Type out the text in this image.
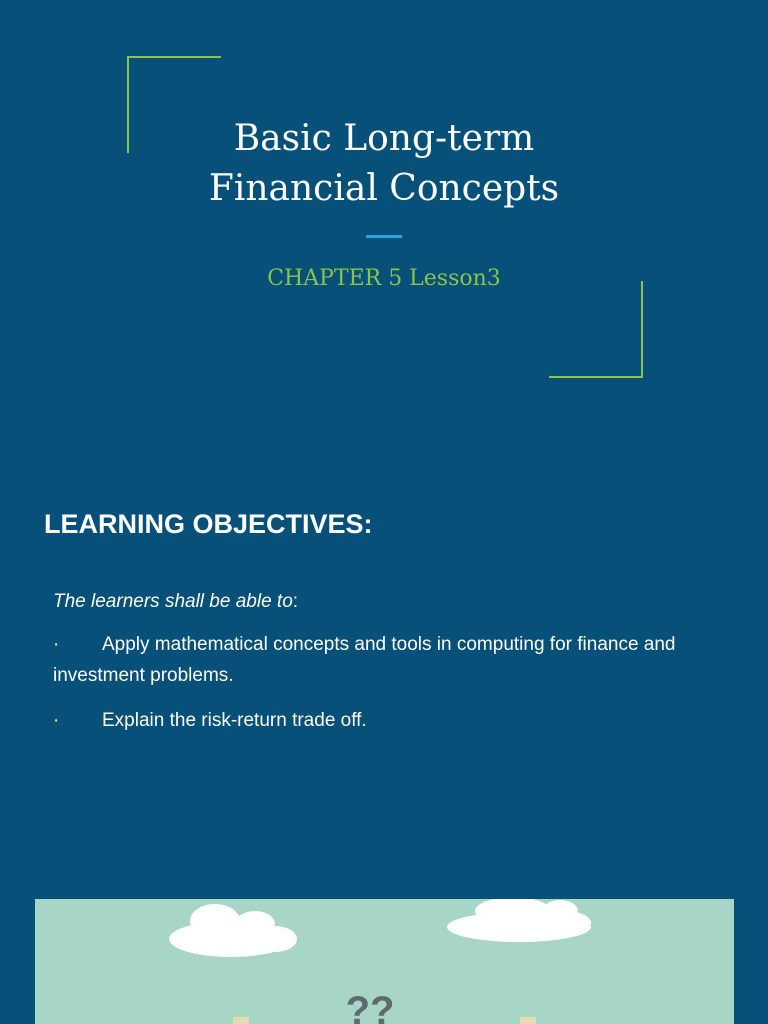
Basic Long-term
Financial Concepts
CHAPTER 5 Lesson3
LEARNING OBJECTIVES:
The learners shall be able to:
· Apply mathematical concepts and tools in computing for finance and investment problems.
· Explain the risk-return trade off.
??
